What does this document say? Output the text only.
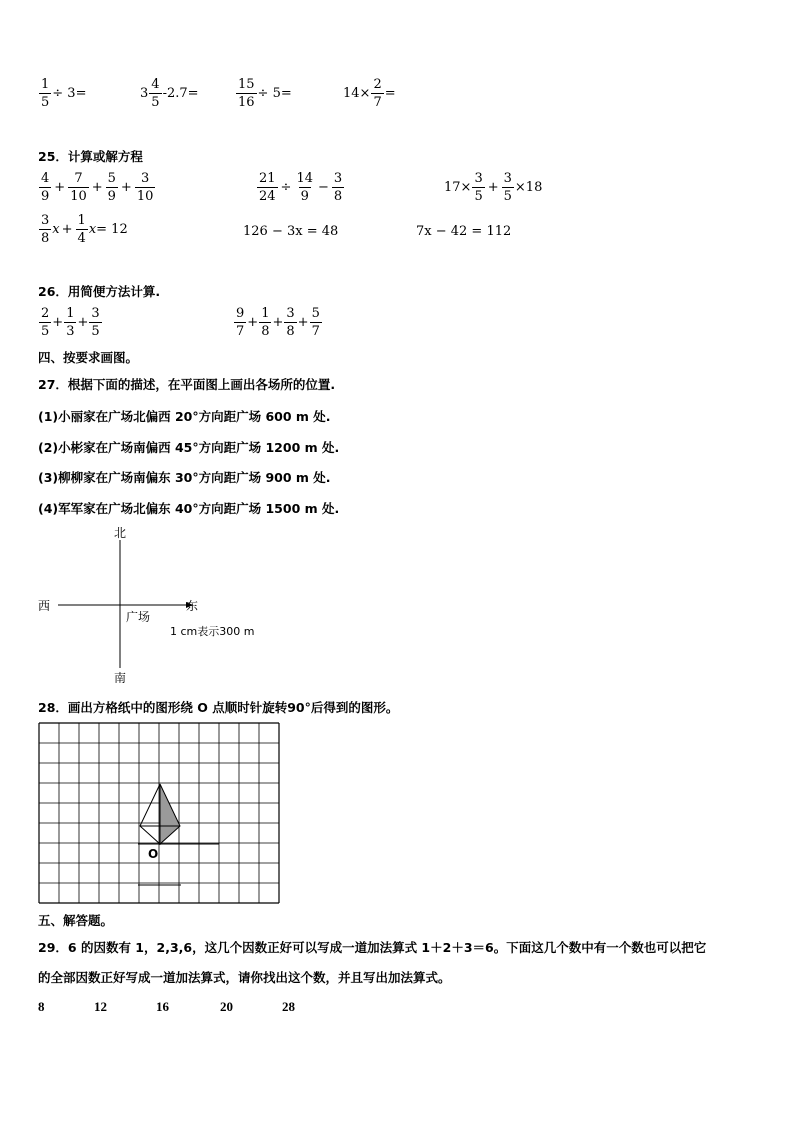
$\frac{1}{5} \div 3=$	$3 \frac{4}{5} -2.7=$	$\frac{15}{16} \div 5=$	$14\times \frac{2}{7}$ =
25．计算或解方程
$\frac{4}{9} + \frac{7}{10} + \frac{5}{9} + \frac{3}{10}$	$\frac{21}{24} \div \frac{14}{9} - \frac{3}{8}$	$17\times \frac{3}{5} + \frac{3}{5} \times 18$
$\frac{3}{8}$ $x + \frac{1}{4}$ x = 12	126 − 3x = 48	7x − 42 = 112
26．用简便方法计算.
$\frac{2}{5} + \frac{1}{3} + \frac{3}{5}$	$\frac{9}{7} + \frac{1}{8} + \frac{3}{8} + \frac{5}{7}$
四、按要求画图。
27．根据下面的描述，在平面图上画出各场所的位置.
(1)小丽家在广场北偏西 20°方向距广场 600 m 处.
(2)小彬家在广场南偏西 45°方向距广场 1200 m 处.
(3)柳柳家在广场南偏东 30°方向距广场 900 m 处.
(4)军军家在广场北偏东 40°方向距广场 1500 m 处.
北
南
西	东
广场
1 cm表示300 m
28．画出方格纸中的图形绕 O 点顺时针旋转90°后得到的图形。
O
五、解答题。
29．6 的因数有 1，2,3,6，这几个因数正好可以写成一道加法算式 1＋2＋3＝6。下面这几个数中有一个数也可以把它
的全部因数正好写成一道加法算式，请你找出这个数，并且写出加法算式。
8	12	16	20	28
